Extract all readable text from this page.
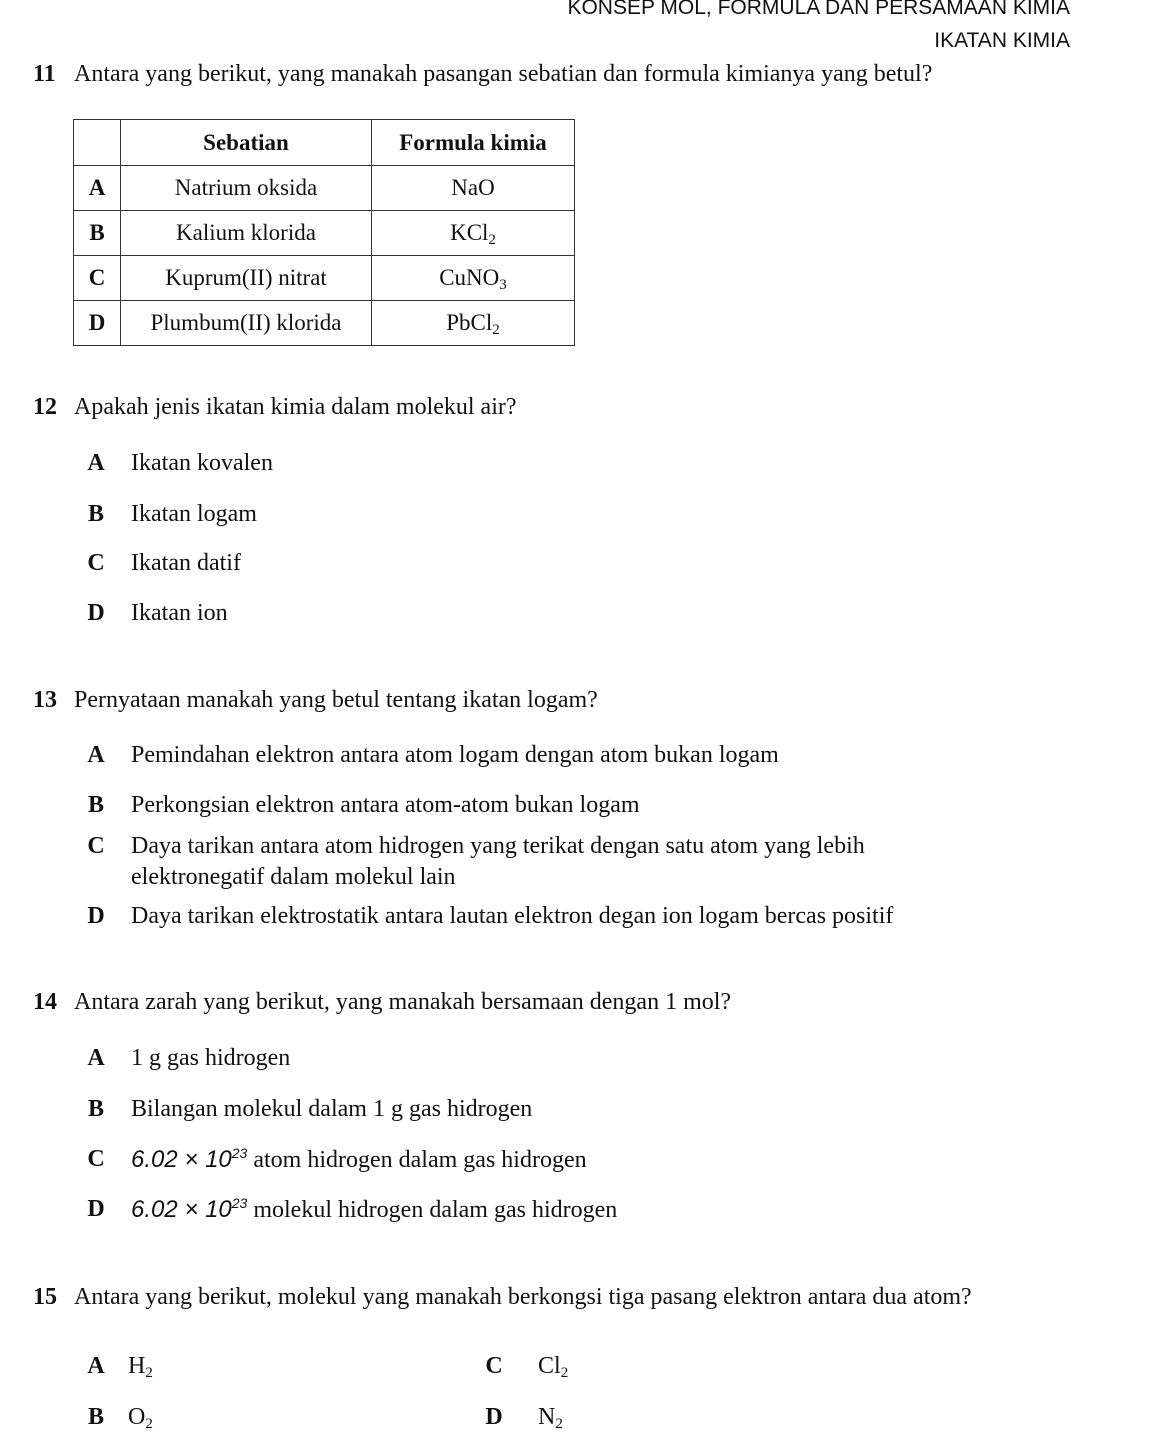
KONSEP MOL, FORMULA DAN PERSAMAAN KIMIA
IKATAN KIMIA
11 Antara yang berikut, yang manakah pasangan sebatian dan formula kimianya yang betul?
	Sebatian	Formula kimia
A	Natrium oksida	NaO
B	Kalium klorida	KCl$_2$
C	Kuprum(II) nitrat	CuNO$_3$
D	Plumbum(II) klorida	PbCl$_2$
12 Apakah jenis ikatan kimia dalam molekul air?
A Ikatan kovalen
B Ikatan logam
C Ikatan datif
D Ikatan ion
13 Pernyataan manakah yang betul tentang ikatan logam?
A Pemindahan elektron antara atom logam dengan atom bukan logam
B Perkongsian elektron antara atom-atom bukan logam
C Daya tarikan antara atom hidrogen yang terikat dengan satu atom yang lebih
elektronegatif dalam molekul lain
D Daya tarikan elektrostatik antara lautan elektron degan ion logam bercas positif
14 Antara zarah yang berikut, yang manakah bersamaan dengan 1 mol?
A 1 g gas hidrogen
B Bilangan molekul dalam 1 g gas hidrogen
C $6.02 \times 10^{23}$ atom hidrogen dalam gas hidrogen
D $6.02 \times 10^{23}$ molekul hidrogen dalam gas hidrogen
15 Antara yang berikut, molekul yang manakah berkongsi tiga pasang elektron antara dua atom?
A $H_2$
B $O_2$
C $Cl_2$
D $N_2$
